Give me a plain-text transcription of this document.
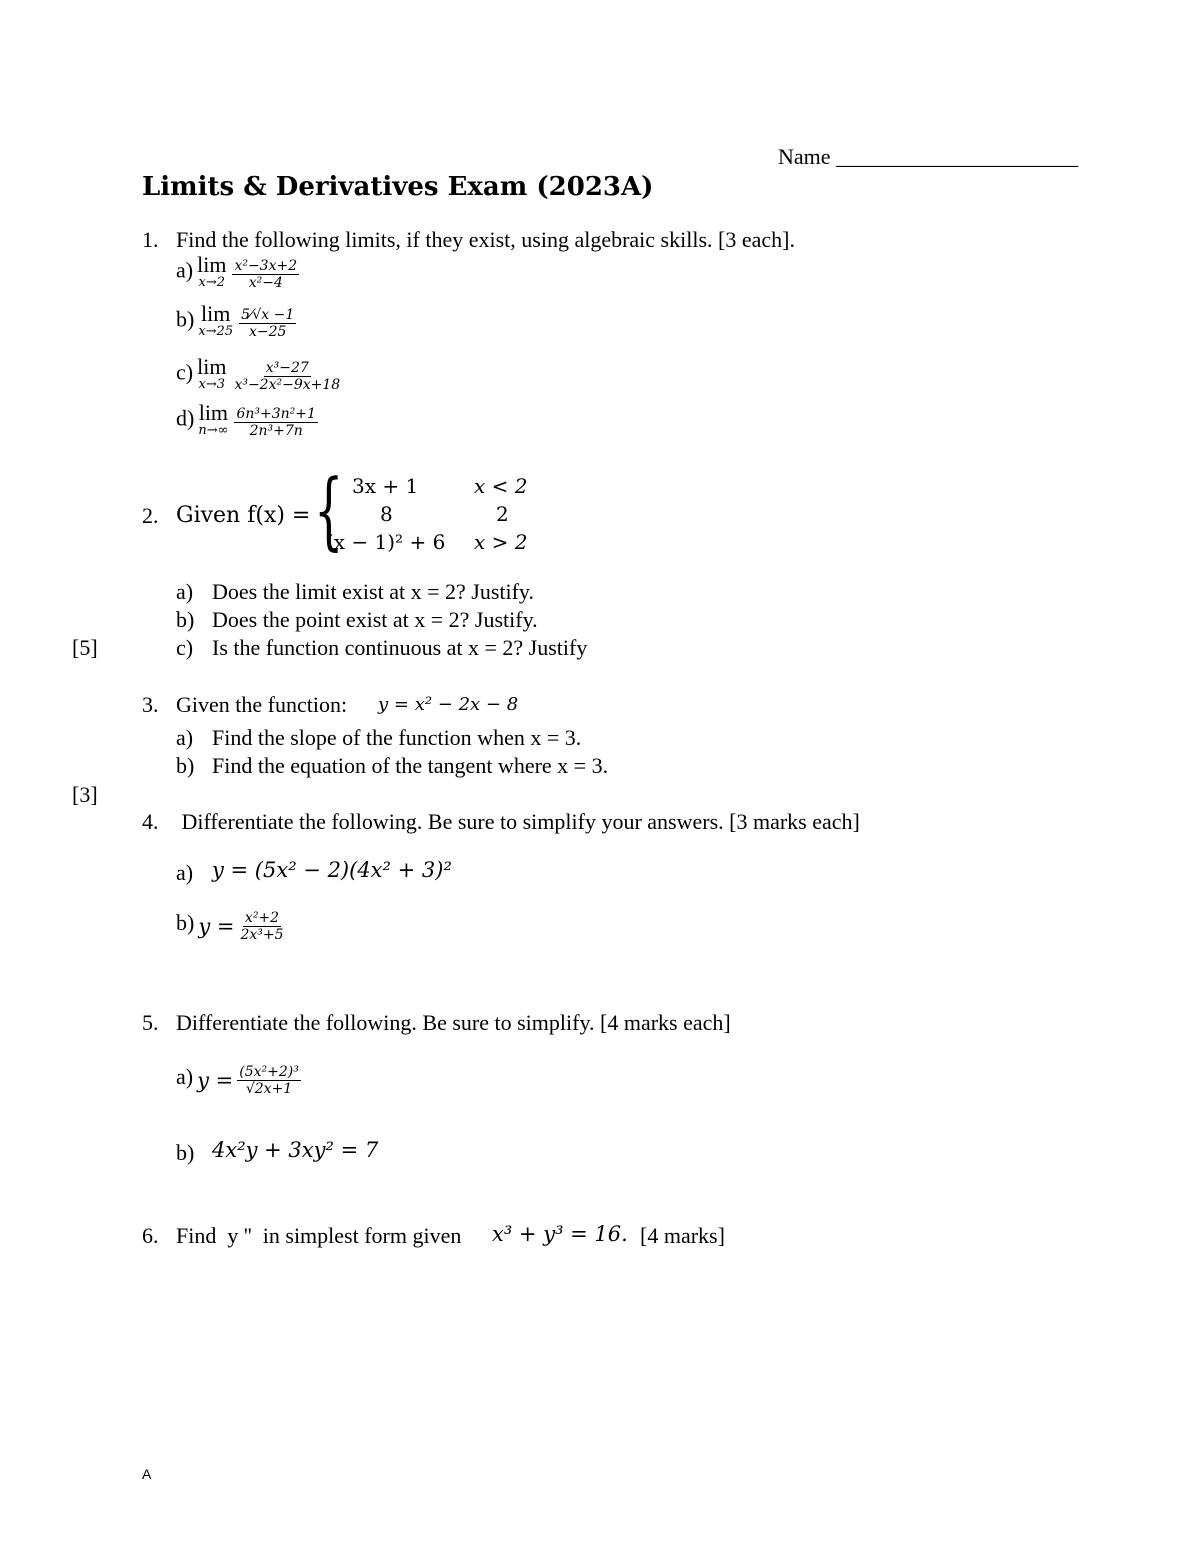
Name ______________________
Limits & Derivatives Exam (2023A)
1. Find the following limits, if they exist, using algebraic skills. [3 each].
a) lim
x→2
$\frac{\text{x²−3x+2}}{\text{x²−4}}$
b) lim
x→25
$\frac{5⁄√x -1}{x-25}$
c) lim
x→3
$\frac{\text{x³−27}}{\text{x³−2x²−9x+18}}$
d) lim
n→∞
$\frac{\text{6n³+3n²+1}}{\text{2n³+7n}}$
2. Given f(x) = { 3x + 1	x < 2
8	2
(x − 1)² + 6 x > 2
a) Does the limit exist at x = 2? Justify.
b) Does the point exist at x = 2? Justify.
[5]	c) Is the function continuous at x = 2? Justify
3. Given the function: y = x² − 2x − 8
a) Find the slope of the function when x = 3.
b) Find the equation of the tangent where x = 3.
[3]
4. Differentiate the following. Be sure to simplify your answers. [3 marks each]
a) y = (5x² − 2)(4x² + 3)²
b) $y = \frac{\text{x²+2}}{\text{2x³+5}}$
5. Differentiate the following. Be sure to simplify. [4 marks each]
a) $y = \frac{\text{(5x²+2)³}}{√2x+1}$
b) 4x²y + 3xy² = 7
6. Find  y ''  in simplest form given x³ + y³ = 16. [4 marks]
A
